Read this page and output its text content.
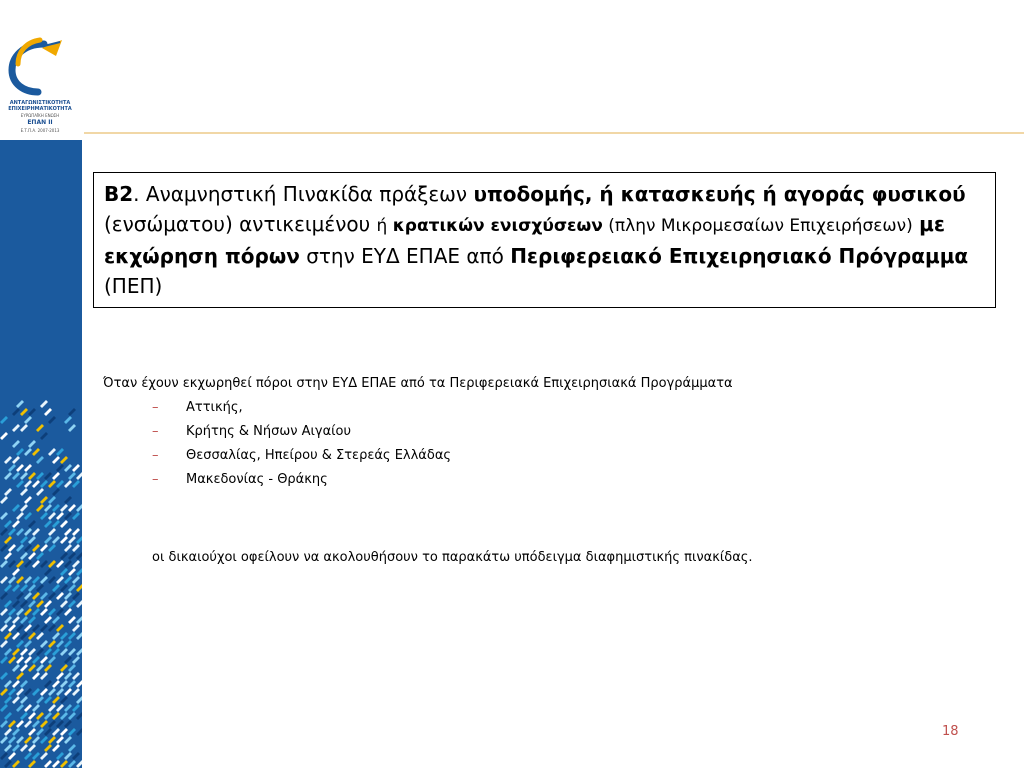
ΑΝΤΑΓΩΝΙΣΤΙΚΟΤΗΤΑ
ΕΠΙΧΕΙΡΗΜΑΤΙΚΟΤΗΤΑ
ΕΥΡΩΠΑΪΚΗ ΕΝΩΣΗ
ΕΠΑΝ II
Ε.Τ.Π.Α. 2007-2013
Β2. Αναμνηστική Πινακίδα πράξεων υποδομής, ή κατασκευής ή αγοράς φυσικού (ενσώματου) αντικειμένου ή κρατικών ενισχύσεων (πλην Μικρομεσαίων Επιχειρήσεων) με εκχώρηση πόρων στην ΕΥΔ ΕΠΑΕ από Περιφερειακό Επιχειρησιακό Πρόγραμμα (ΠΕΠ)
Όταν έχουν εκχωρηθεί πόροι στην ΕΥΔ ΕΠΑΕ από τα Περιφερειακά Επιχειρησιακά Προγράμματα
– Αττικής,
– Κρήτης & Νήσων Αιγαίου
– Θεσσαλίας, Ηπείρου & Στερεάς Ελλάδας
– Μακεδονίας - Θράκης
οι δικαιούχοι οφείλουν να ακολουθήσουν το παρακάτω υπόδειγμα διαφημιστικής πινακίδας.
18
